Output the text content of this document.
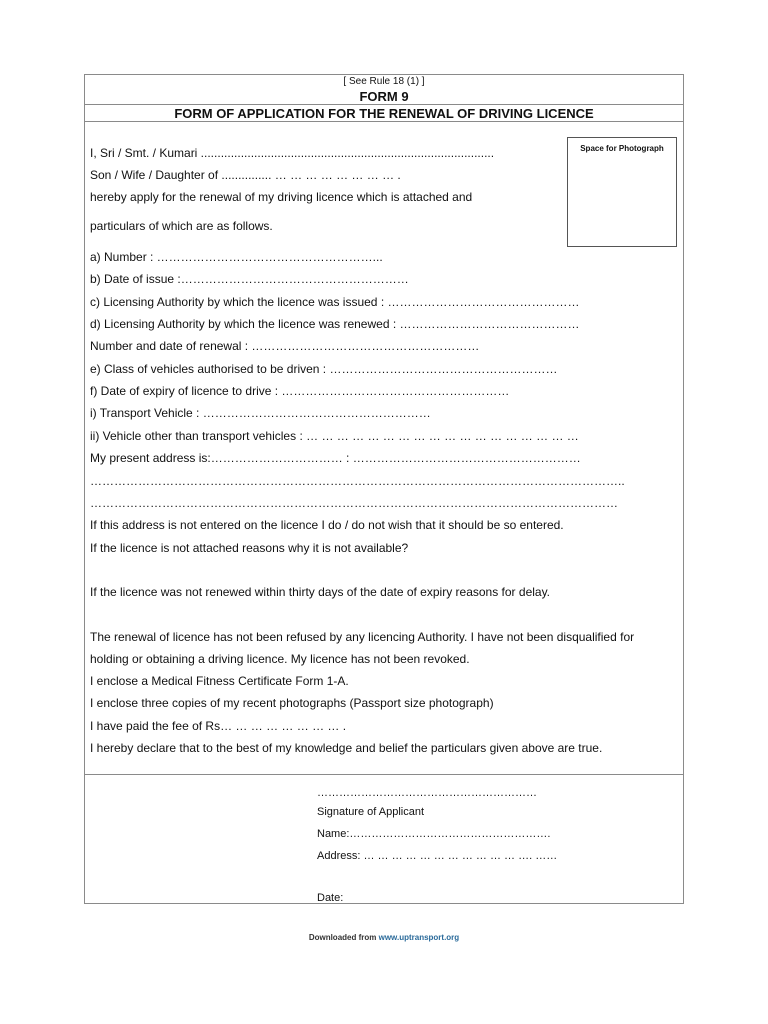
[ See Rule 18 (1) ]
FORM 9
FORM OF APPLICATION FOR THE RENEWAL OF DRIVING LICENCE
Space for Photograph
I, Sri / Smt. / Kumari ........................................................................................
Son / Wife / Daughter of ............... … … … … … … … … .
hereby apply for the renewal of my driving licence which is attached and
particulars of which are as follows.
a) Number : ………………………………………………...
b) Date of issue :…………………………………………………
c) Licensing Authority by which the licence was issued : …………………………………………
d) Licensing Authority by which the licence was renewed : ………………………………………
Number and date of renewal : …………………………………………………
e) Class of vehicles authorised to be driven : …………………………………………………
f) Date of expiry of licence to drive : …………………………………………………
i) Transport Vehicle : …………………………………………………
ii) Vehicle other than transport vehicles : … … … … … … … … … … … … … … … … … …
My present address is:…………………………… : …………………………………………………
……………………………………………………………………………………………………………………..
……………………………………………………………………………………………………………………
If this address is not entered on the licence I do / do not wish that it should be so entered.
If the licence is not attached reasons why it is not available?
If the licence was not renewed within thirty days of the date of expiry reasons for delay.
The renewal of licence has not been refused by any licencing Authority. I have not been disqualified for
holding or obtaining a driving licence. My licence has not been revoked.
I enclose a Medical Fitness Certificate Form 1-A.
I enclose three copies of my recent photographs (Passport size photograph)
I have paid the fee of Rs… … … … … … … … .
I hereby declare that to the best of my knowledge and belief the particulars given above are true.
……………………………………………………
Signature of Applicant
Name:……………………………………………….
Address: … … … … … … … … … … … …. ……
Date:
Downloaded from www.uptransport.org
